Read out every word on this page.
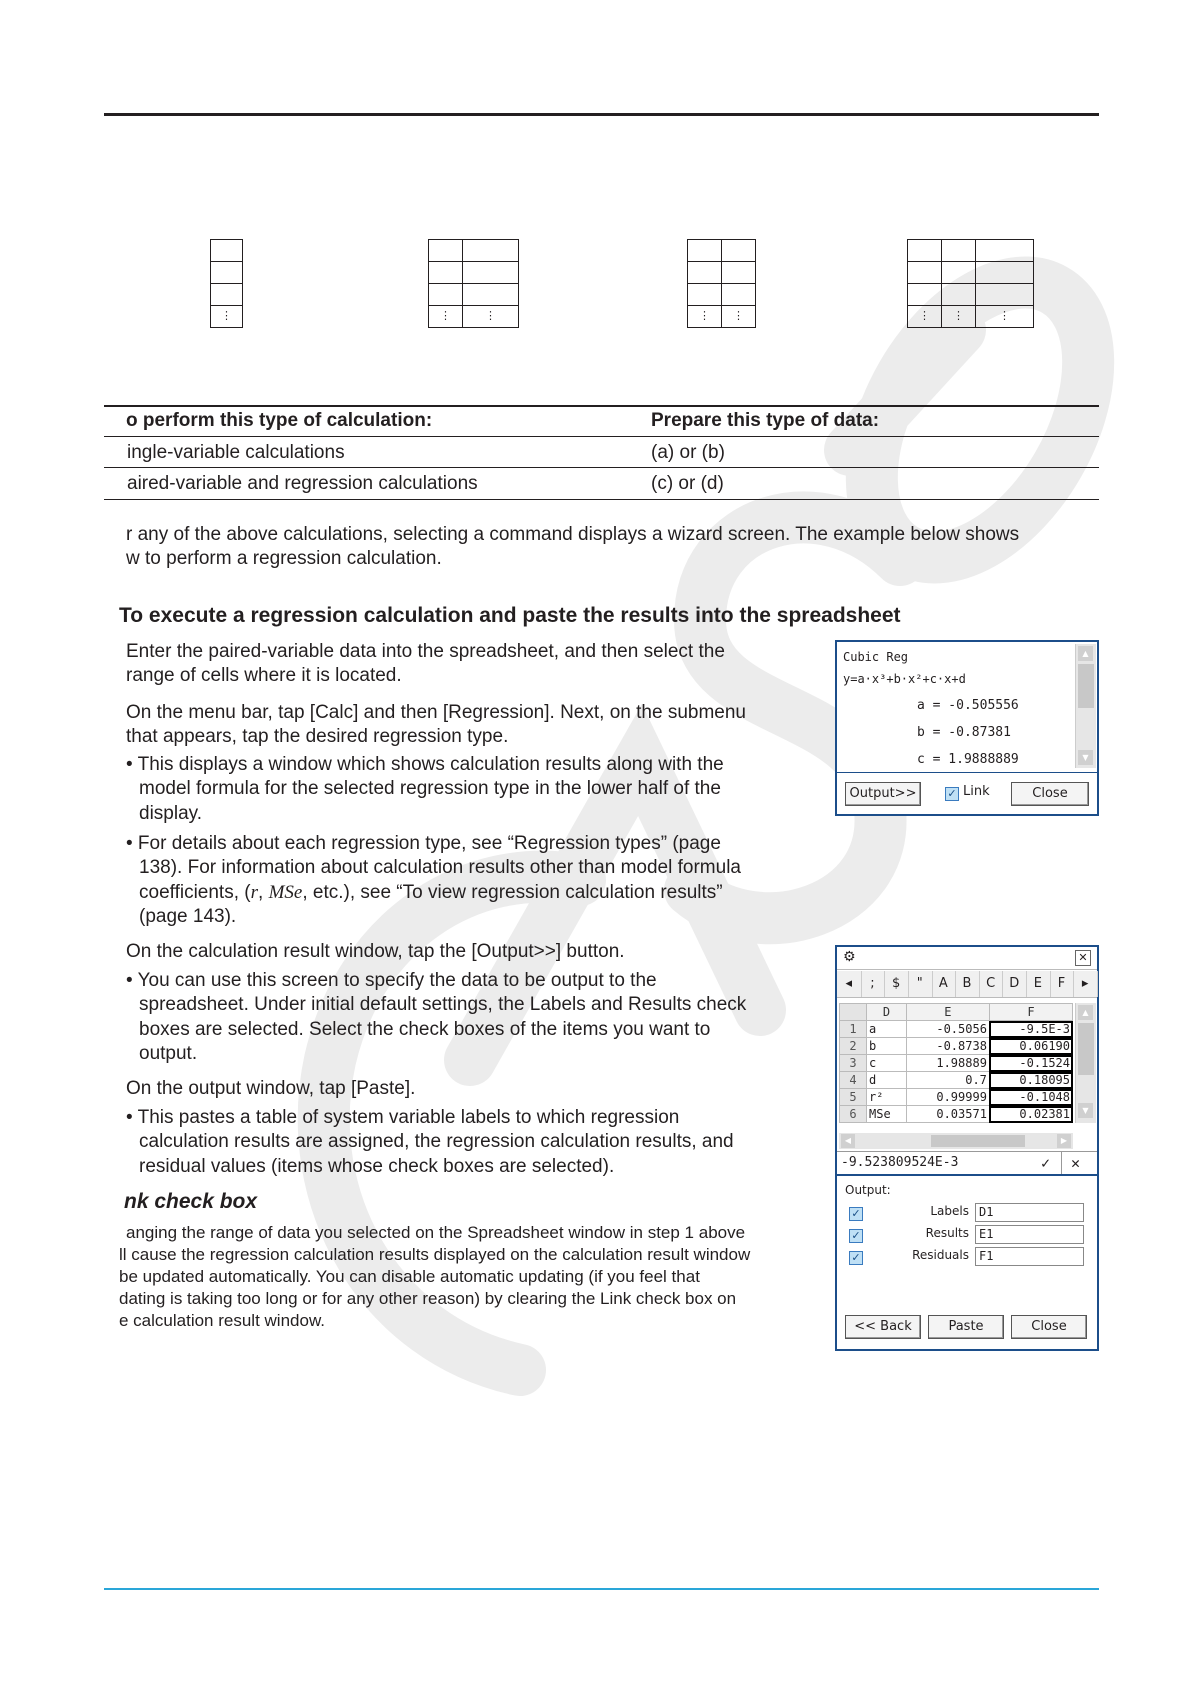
⋮

		⋮	⋮

		⋮	⋮

			⋮	⋮	⋮
o perform this type of calculation:	Prepare this type of data:
ingle-variable calculations	(a) or (b)
aired-variable and regression calculations	(c) or (d)
r any of the above calculations, selecting a command displays a wizard screen. The example below shows
w to perform a regression calculation.
To execute a regression calculation and paste the results into the spreadsheet
Enter the paired-variable data into the spreadsheet, and then select the
range of cells where it is located.
On the menu bar, tap [Calc] and then [Regression]. Next, on the submenu
that appears, tap the desired regression type.
• This displays a window which shows calculation results along with the
model formula for the selected regression type in the lower half of the
display.
• For details about each regression type, see “Regression types” (page
138). For information about calculation results other than model formula
coefficients, (r, MSe, etc.), see “To view regression calculation results”
(page 143).
On the calculation result window, tap the [Output>>] button.
• You can use this screen to specify the data to be output to the
spreadsheet. Under initial default settings, the Labels and Results check
boxes are selected. Select the check boxes of the items you want to
output.
On the output window, tap [Paste].
• This pastes a table of system variable labels to which regression
calculation results are assigned, the regression calculation results, and
residual values (items whose check boxes are selected).
nk check box
anging the range of data you selected on the Spreadsheet window in step 1 above
ll cause the regression calculation results displayed on the calculation result window
be updated automatically. You can disable automatic updating (if you feel that
dating is taking too long or for any other reason) by clearing the Link check box on
e calculation result window.
Cubic Reg
y=a·x³+b·x²+c·x+d
a = -0.505556
b = -0.87381
c = 1.9888889
▲
▼
Output>>	✓ Link	Close
⚙	✕
◂	;	$	"	A	B	C	D	E	F	▸
	D	E	F
1	a	-0.5056	-9.5E-3
2	b	-0.8738	0.06190
3	c	1.98889	-0.1524
4	d	0.7	0.18095
5	r²	0.99999	-0.1048
6	MSe	0.03571	0.02381
▲
▼
◀	▶
-9.523809524E-3	✓ ✕
Output:
✓	Labels D1
✓	Results E1
✓	Residuals F1
<< Back	Paste	Close
